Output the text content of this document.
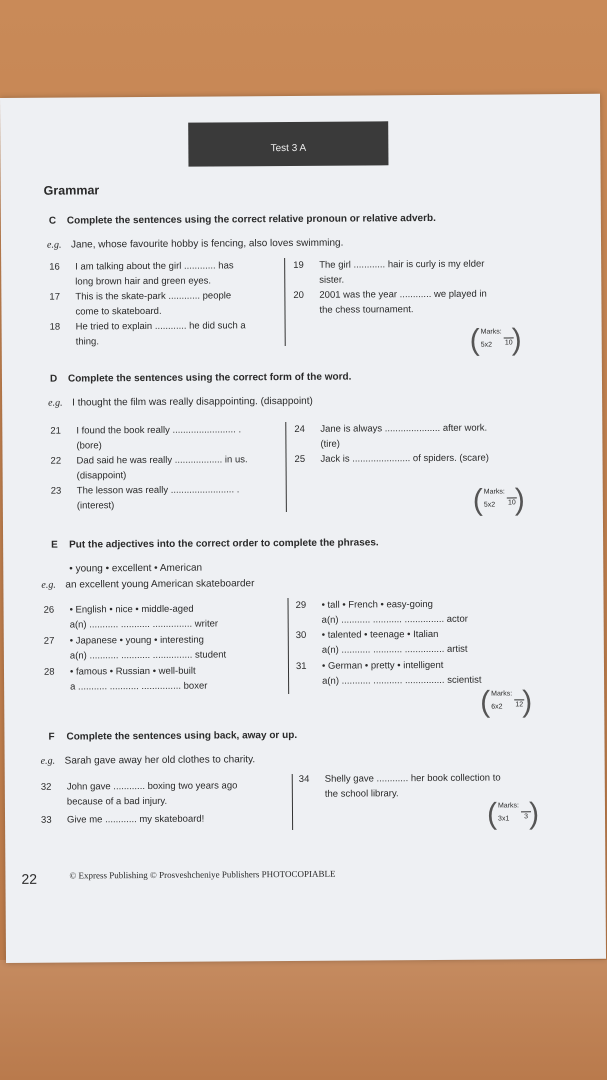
Test 3 A
Grammar
C Complete the sentences using the correct relative pronoun or relative adverb.
e.g. Jane, whose favourite hobby is fencing, also loves swimming.
16	I am talking about the girl ............ has
long brown hair and green eyes.
17	This is the skate-park ............ people
come to skateboard.
18	He tried to explain ............ he did such a
thing.
19	The girl ............ hair is curly is my elder
sister.
20	2001 was the year ............ we played in
the chess tournament.
( )
Marks:
5x2 10
D Complete the sentences using the correct form of the word.
e.g. I thought the film was really disappointing. (disappoint)
21	I found the book really ........................ .
(bore)
22	Dad said he was really .................. in us.
(disappoint)
23	The lesson was really ........................ .
(interest)
24	Jane is always ..................... after work.
(tire)
25	Jack is ...................... of spiders. (scare)
( )
Marks:
5x2 10
E Put the adjectives into the correct order to complete the phrases.
• young • excellent • American
e.g. an excellent young American skateboarder
26	• English • nice • middle-aged
a(n) ........... ........... ............... writer
27	• Japanese • young • interesting
a(n) ........... ........... ............... student
28	• famous • Russian • well-built
a ........... ........... ............... boxer
29	• tall • French • easy-going
a(n) ........... ........... ............... actor
30	• talented • teenage • Italian
a(n) ........... ........... ............... artist
31	• German • pretty • intelligent
a(n) ........... ........... ............... scientist
( )
Marks:
6x2 12
F Complete the sentences using back, away or up.
e.g. Sarah gave away her old clothes to charity.
32	John gave ............ boxing two years ago
because of a bad injury.
33	Give me ............ my skateboard!
34	Shelly gave ............ her book collection to
the school library.
( )
Marks:
3x1	3
22	© Express Publishing © Prosveshcheniye Publishers PHOTOCOPIABLE
